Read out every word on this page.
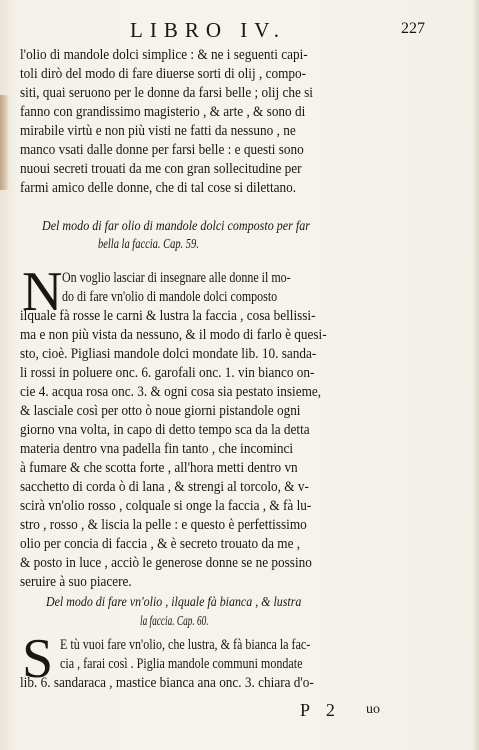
LIBRO IV.	227
l'olio di mandole dolci simplice : & ne i seguenti capi-
toli dirò del modo di fare diuerse sorti di olij , compo-
siti, quai seruono per le donne da farsi belle ; olij che si
fanno con grandissimo magisterio , & arte , & sono di
mirabile virtù e non più visti ne fatti da nessuno , ne
manco vsati dalle donne per farsi belle : e questi sono
nuoui secreti trouati da me con gran sollecitudine per
farmi amico delle donne, che di tal cose si dilettano.
Del modo di far olio di mandole dolci composto per far
bella la faccia. Cap. 59.
N On voglio lasciar di insegnare alle donne il mo-
do di fare vn'olio di mandole dolci composto
ilquale fà rosse le carni & lustra la faccia , cosa bellissi-
ma e non più vista da nessuno, & il modo di farlo è quesi-
sto, cioè. Pigliasi mandole dolci mondate lib. 10. sanda-
li rossi in poluere onc. 6. garofali onc. 1. vin bianco on-
cie 4. acqua rosa onc. 3. & ogni cosa sia pestato insieme,
& lasciale così per otto ò noue giorni pistandole ogni
giorno vna volta, in capo di detto tempo sca da la detta
materia dentro vna padella fin tanto , che incominci
à fumare & che scotta forte , all'hora metti dentro vn
sacchetto di corda ò di lana , & strengi al torcolo, & v-
scirà vn'olio rosso , colquale si onge la faccia , & fà lu-
stro , rosso , & liscia la pelle : e questo è perfettissimo
olio per concia di faccia , & è secreto trouato da me ,
& posto in luce , acciò le generose donne se ne possino
seruire à suo piacere.
Del modo di fare vn'olio , ilquale fà bianca , & lustra
la faccia. Cap. 60.
S E tù vuoi fare vn'olio, che lustra, & fà bianca la fac-
cia , farai così . Piglia mandole communi mondate
lib. 6. sandaraca , mastice bianca ana onc. 3. chiara d'o-
P 2 uo
